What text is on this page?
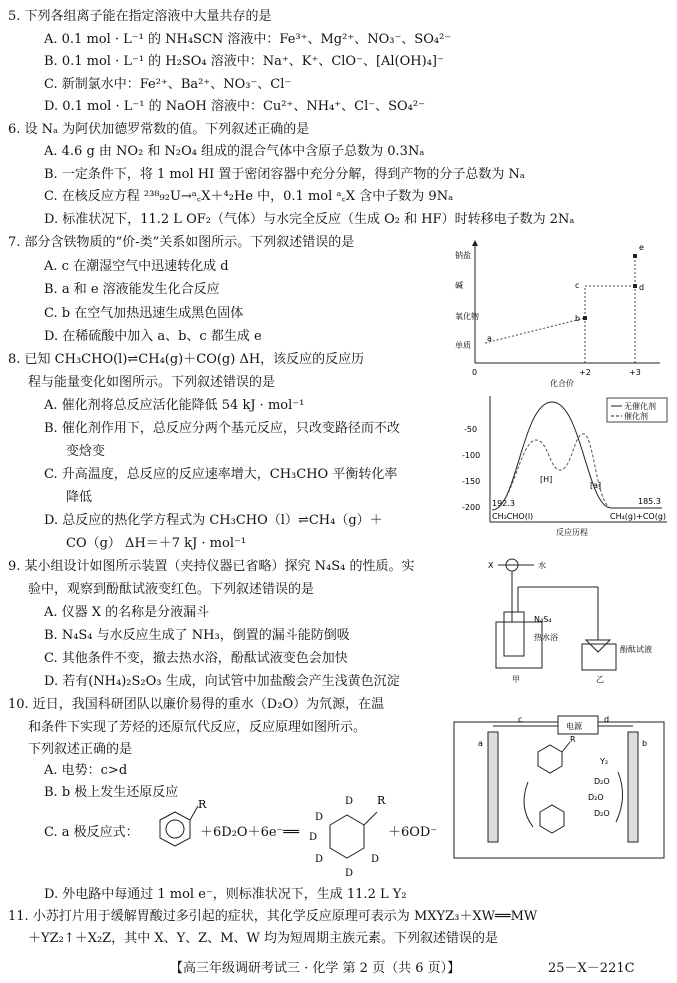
5. 下列各组离子能在指定溶液中大量共存的是
A. 0.1 mol · L⁻¹ 的 NH₄SCN 溶液中：Fe³⁺、Mg²⁺、NO₃⁻、SO₄²⁻
B. 0.1 mol · L⁻¹ 的 H₂SO₄ 溶液中：Na⁺、K⁺、ClO⁻、[Al(OH)₄]⁻
C. 新制氯水中：Fe²⁺、Ba²⁺、NO₃⁻、Cl⁻
D. 0.1 mol · L⁻¹ 的 NaOH 溶液中：Cu²⁺、NH₄⁺、Cl⁻、SO₄²⁻
6. 设 Nₐ 为阿伏加德罗常数的值。下列叙述正确的是
A. 4.6 g 由 NO₂ 和 N₂O₄ 组成的混合气体中含原子总数为 0.3Nₐ
B. 一定条件下，将 1 mol HI 置于密闭容器中充分分解，得到产物的分子总数为 Nₐ
C. 在核反应方程 ²³⁸₉₂U→ᵃ꜀X＋⁴₂He 中，0.1 mol ᵃ꜀X 含中子数为 9Nₐ
D. 标准状况下，11.2 L OF₂（气体）与水完全反应（生成 O₂ 和 HF）时转移电子数为 2Nₐ
7. 部分含铁物质的“价-类”关系如图所示。下列叙述错误的是
A. c 在潮湿空气中迅速转化成 d
B. a 和 e 溶液能发生化合反应
C. b 在空气加热迅速生成黑色固体
D. 在稀硫酸中加入 a、b、c 都生成 e
钠盐
碱
氧化物
单质
a
b
c	d
e
0	+2	+3
化合价
8. 已知 CH₃CHO(l)⇌CH₄(g)＋CO(g) ΔH，该反应的反应历
程与能量变化如图所示。下列叙述错误的是
A. 催化剂将总反应活化能降低 54 kJ · mol⁻¹
B. 催化剂作用下，总反应分两个基元反应，只改变路径而不改
变焓变
C. 升高温度，总反应的反应速率增大，CH₃CHO 平衡转化率
降低
D. 总反应的热化学方程式为 CH₃CHO（l）⇌CH₄（g）＋
CO（g） ΔH＝＋7 kJ · mol⁻¹
-50
-100
-150
-200
无催化剂
催化剂
192.3	185.3
CH₃CHO(l)	CH₄(g)+CO(g)
[H]
[a]
反应历程
9. 某小组设计如图所示装置（夹持仪器已省略）探究 N₄S₄ 的性质。实
验中，观察到酚酞试液变红色。下列叙述错误的是
A. 仪器 X 的名称是分液漏斗
B. N₄S₄ 与水反应生成了 NH₃，倒置的漏斗能防倒吸
C. 其他条件不变，撤去热水浴，酚酞试液变色会加快
D. 若有(NH₄)₂S₂O₃ 生成，向试管中加盐酸会产生浅黄色沉淀
X	水
N₄S₄
热水浴
酚酞试液
甲	乙
10. 近日，我国科研团队以廉价易得的重水（D₂O）为氘源，在温
和条件下实现了芳烃的还原氘代反应，反应原理如图所示。
下列叙述正确的是
A. 电势：c>d
B. b 极上发生还原反应
C. a 极反应式：
R
＋6D₂O＋6e⁻══
R
D
D
D
D
D
D
＋6OD⁻
D. 外电路中每通过 1 mol e⁻，则标准状况下，生成 11.2 L Y₂
电源
c	d
a	b
R
Y₂
D₂O
D₂O
D₂O
11. 小苏打片用于缓解胃酸过多引起的症状，其化学反应原理可表示为 MXYZ₃＋XW══MW
＋YZ₂↑＋X₂Z，其中 X、Y、Z、M、W 均为短周期主族元素。下列叙述错误的是
【高三年级调研考试三 · 化学 第 2 页（共 6 页）】	25－X－221C
